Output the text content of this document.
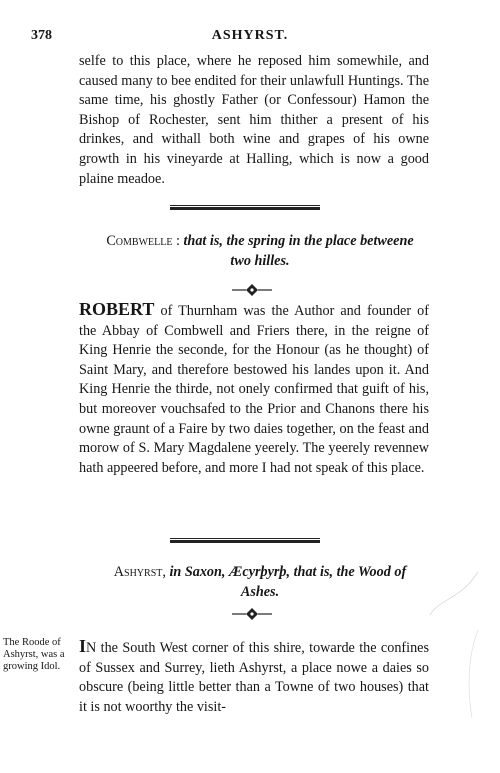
378	ASHYRST.

selfe to this place, where he reposed him somewhile, and caused many to bee endited for their unlawfull Huntings. The same time, his ghostly Father (or Confessour) Hamon the Bishop of Rochester, sent him thither a present of his drinkes, and withall both wine and grapes of his owne growth in his vineyarde at Halling, which is now a good plaine meadoe.

Combwelle : that is, the spring in the place betweene two hilles.

ROBERT of Thurnham was the Author and founder of the Abbay of Combwell and Friers there, in the reigne of King Henrie the seconde, for the Honour (as he thought) of Saint Mary, and therefore bestowed his landes upon it. And King Henrie the thirde, not onely confirmed that guift of his, but moreover vouchsafed to the Prior and Chanons there his owne graunt of a Faire by two daies together, on the feast and morow of S. Mary Magdalene yeerely. The yeerely revennew hath appeered before, and more I had not speak of this place.

Ashyrst, in Saxon, Æcyrþyrþ, that is, the Wood of Ashes.
The Roode of Ashyrst, was a growing Idol.

IN the South West corner of this shire, towarde the confines of Sussex and Surrey, lieth Ashyrst, a place nowe a daies so obscure (being little better than a Towne of two houses) that it is not woorthy the visit-
